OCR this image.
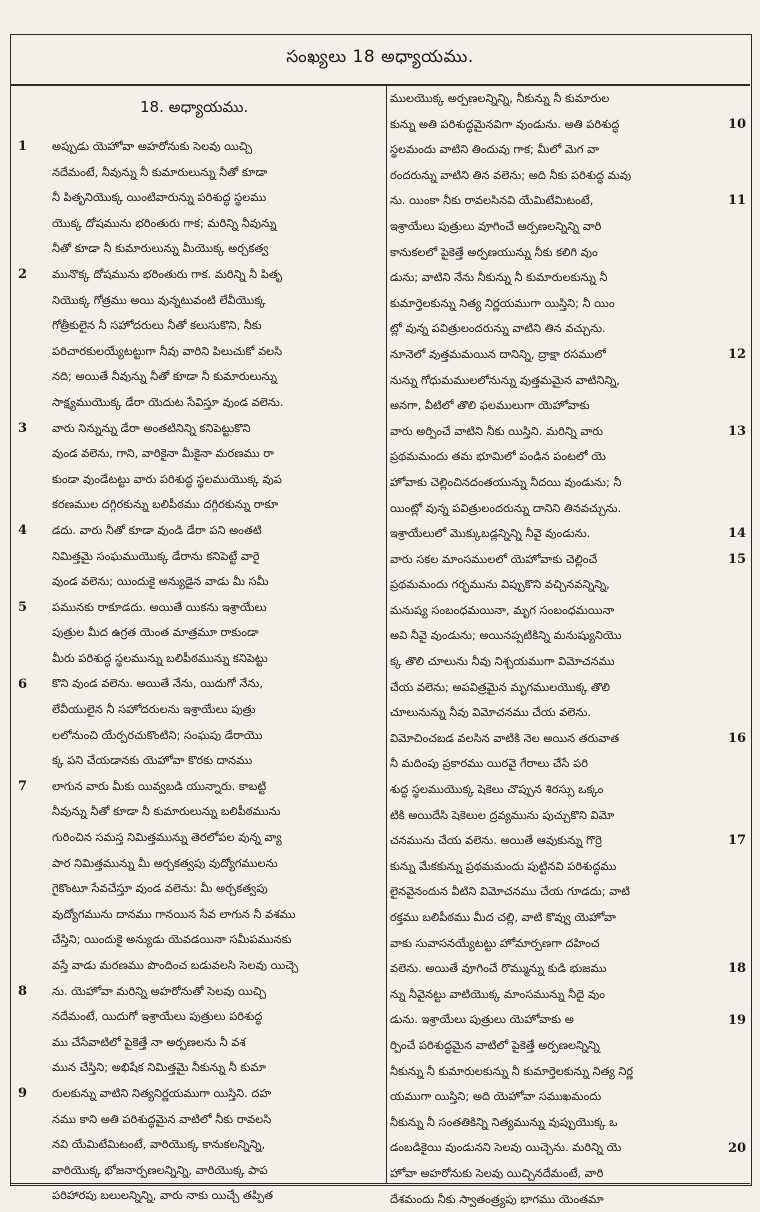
సంఖ్యలు 18 అధ్యాయము.
18. అధ్యాయము.
అప్పుడు యెహోవా అహరోనుకు సెలవు యిచ్చి
నదేమంటే, నీవున్ను నీ కుమారులున్ను నీతో కూడా
నీ పితృనియొక్క యింటివారున్ను పరిశుద్ధ స్థలము
యొక్క దోషమును భరింతురు గాక; మరిన్ని నీవున్ను
నీతో కూడా నీ కుమారులున్ను మీయొక్క అర్చకత్వ
మునొక్క దోషమును భరింతురు గాక. మరిన్ని నీ పితృ
నియొక్క గోత్రము అయి వున్నటువంటి లేవీయొక్క
గోత్రీకులైన నీ సహోదరులు నీతో కలుసుకొని, నీకు
పరిచారకులయ్యేటట్టుగా నీవు వారిని పిలుచుకో వలసి
నది; అయితే నీవున్ను నీతో కూడా నీ కుమారులున్ను
సాక్ష్యముయొక్క డేరా యెదుట సేవిస్తూ వుండ వలెను.
వారు నిన్నున్ను డేరా అంతటినిన్ని కనిపెట్టుకొని
వుండ వలెను, గాని, వారికైనా మీకైనా మరణము రా
కుండా వుండేటట్టు వారు పరిశుద్ధ స్థలముయొక్క వుప
కరణముల దగ్గిరకున్ను బలిపీఠము దగ్గిరకున్ను రాకూ
డదు. వారు నీతో కూడా వుండి డేరా పని అంతటి
నిమిత్తమై సంఘముయొక్క డేరాను కనిపెట్టే వారై
వుండ వలెను; యిందుకై అన్యుడైన వాడు మీ సమీ
పమునకు రాకూడదు. అయితే యికను ఇశ్రాయేలు
పుత్రుల మీద ఉగ్రత యెంత మాత్రమూ రాకుండా
మీరు పరిశుద్ధ స్థలమున్ను బలిపీఠమున్ను కనిపెట్టు
కొని వుండ వలెను. అయితే నేను, యిదుగో నేను,
లేవీయులైన నీ సహోదరులను ఇశ్రాయేలు పుత్రు
లలోనుంచి యేర్పరచుకొంటిని; సంఘపు డేరాయొ
క్క పని చేయడానకు యెహోవా కొరకు దానము
లాగున వారు మీకు యివ్వబడి యున్నారు. కాబట్టి
నీవున్ను నీతో కూడా నీ కుమారులున్ను బలిపీఠమును
గురించిన సమస్త నిమిత్తమున్ను తెరలోపల వున్న వ్యా
పార నిమిత్తమున్ను మీ అర్చకత్వపు వుద్యోగములను
గైకొంటూ సేవచేస్తూ వుండ వలెను: మీ అర్చకత్వపు
వుద్యోగమును దానము గానయిన సేవ లాగున నీ వశము
చేస్తిని; యిందుకై అన్యుడు యెవడయినా సమీపమునకు
వస్తే వాడు మరణము పొందించ బడువలసి సెలవు యిచ్చె
ను. యెహోవా మరిన్ని అహరోనుతో సెలవు యిచ్చి
నదేమంటే, యిదుగో ఇశ్రాయేలు పుత్రులు పరిశుద్ధ
ము చేసేవాటిలో పైకెత్తే నా అర్పణలను నీ వశ
మున చేస్తిని; అభిషేక నిమిత్తమై నీకున్ను నీ కుమా
రులకున్ను వాటిని నిత్యనిర్ణయముగా యిస్తిని. దహ
నము కాని అతి పరిశుద్ధమైన వాటిలో నీకు రావలసి
నవి యేమిటేమిటంటే, వారియొక్క కానుకలన్నిన్ని,
వారియొక్క భోజనార్పణలన్నిన్ని, వారియొక్క పాప
పరిహారపు బలులన్నిన్ని, వారు నాకు యిచ్చే తప్పిత
ములయొక్క అర్పణలన్నిన్ని, నీకున్ను నీ కుమారుల
కున్ను అతి పరిశుద్ధమైనవిగా వుండును. అతి పరిశుద్ధ
స్థలమందు వాటిని తిందువు గాక; మీలో మెగ వా
రందరున్ను వాటిని తిన వలెను; అది నీకు పరిశుద్ధ మవు
ను. యింకా నీకు రావలసినవి యేమిటేమిటంటే,
ఇశ్రాయేలు పుత్రులు వూగించే అర్పణలన్నిన్ని వారి
కానుకలలో పైకెత్తే అర్పణయున్ను నీకు కలిగి వుం
డును; వాటిని నేను నీకున్ను నీ కుమారులకున్ను నీ
కుమార్తెలకున్ను నిత్య నిర్ణయముగా యిస్తిని; నీ యిం
ట్లో వున్న పవిత్రులందరున్ను వాటిని తిన వచ్చును.
నూనెలో వుత్తమమయిన దానిన్ని, ద్రాక్షా రసములో
నున్ను గోధుమములలోనున్ను వుత్తమమైన వాటినిన్ని,
అనగా, వీటిలో తొలి ఫలములుగా యెహోవాకు
వారు అర్పించే వాటిని నీకు యిస్తిని. మరిన్ని వారు
ప్రథమమందు తమ భూమిలో పండిన పంటలో యె
హోవాకు చెల్లించినదంతయున్ను నీదయి వుండును; నీ
యింట్లో వున్న పవిత్రులందరున్ను దానిని తినవచ్చును.
ఇశ్రాయేలులో మొక్కుబడ్లన్నిన్ని నీవై వుండును.
వారు సకల మాంసములలో యెహోవాకు చెల్లించే
ప్రథమమందు గర్భమును విప్పుకొని వచ్చినవన్నిన్ని,
మనుష్య సంబంధమయినా, మృగ సంబంధమయినా
అవి నీవై వుండును; అయినప్పటికిన్ని మనుష్యునియొ
క్క తొలి చూలును నీవు నిశ్చయముగా విమోచనము
చేయ వలెను; అపవిత్రమైన మృగములయొక్క తొలి
చూలునున్ను నీవు విమోచనము చేయ వలెను.
విమోచించబడ వలసిన వాటికి నెల అయిన తరువాత
నీ మదింపు ప్రకారము యిరవై గేరాలు చేసే పరి
శుద్ధ స్థలముయొక్క షెకెలు చొప్పున శిరస్సు ఒక్కం
టికి అయిదేసి షెకెలుల ద్రవ్యమును పుచ్చుకొని విమో
చనమును చేయ వలెను. అయితే ఆవుకున్ను గొర్రె
కున్ను మేకకున్ను ప్రథమమందు పుట్టినవి పరిశుద్ధము
లైనవైనందున వీటిని విమోచనము చేయ గూడదు; వాటి
రక్తము బలిపీఠము మీద చల్లి, వాటి కొవ్వు యెహోవా
వాకు సువాసనయ్యేటట్టు హోమార్పణగా దహించ
వలెను. అయితే వూగించే రొమ్మున్ను కుడి భుజము
న్ను నీవైనట్టు వాటియొక్క మాంసమున్ను నీదై వుం
డును. ఇశ్రాయేలు పుత్రులు యెహోవాకు అ
ర్పించే పరిశుద్ధమైన వాటిలో పైకెత్తే అర్పణలన్నిన్ని
నీకున్ను నీ కుమారులకున్ను నీ కుమార్తెలకున్ను నిత్య నిర్ణ
యముగా యిస్తిని; అది యెహోవా సముఖమందు
నీకున్ను నీ సంతతికిన్ని నిత్యమున్ను వుప్పుయొక్క ఒ
డంబడికైయి వుండునని సెలవు యిచ్చెను. మరిన్ని యె
హోవా అహరోనుకు సెలవు యిచ్చినదేమంటే, వారి
దేశమందు నీకు స్వాతంత్ర్యపు భాగము యెంతమా
1
2
3
4
5
6
7
8
9
10
11
12
13
14
15
16
17
18
19
20
